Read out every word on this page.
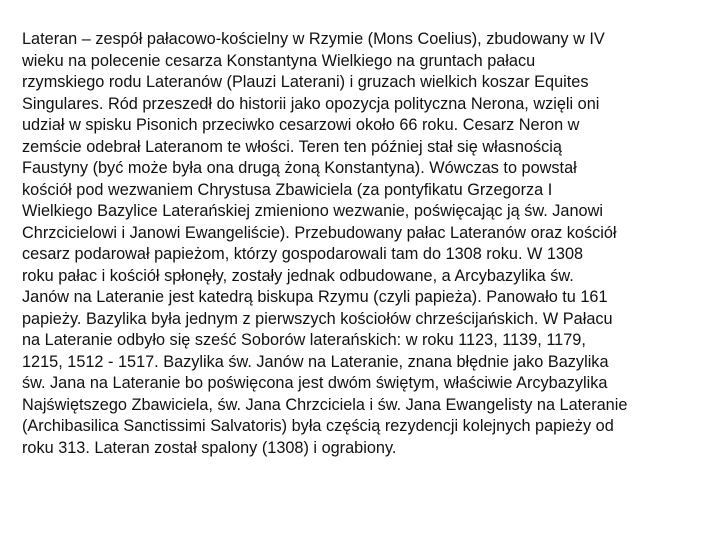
Lateran – zespół pałacowo-kościelny w Rzymie (Mons Coelius), zbudowany w IV
wieku na polecenie cesarza Konstantyna Wielkiego na gruntach pałacu
rzymskiego rodu Lateranów (Plauzi Laterani) i gruzach wielkich koszar Equites
Singulares. Ród przeszedł do historii jako opozycja polityczna Nerona, wzięli oni
udział w spisku Pisonich przeciwko cesarzowi około 66 roku. Cesarz Neron w
zemście odebrał Lateranom te włości. Teren ten później stał się własnością
Faustyny (być może była ona drugą żoną Konstantyna). Wówczas to powstał
kościół pod wezwaniem Chrystusa Zbawiciela (za pontyfikatu Grzegorza I
Wielkiego Bazylice Laterańskiej zmieniono wezwanie, poświęcając ją św. Janowi
Chrzcicielowi i Janowi Ewangeliście). Przebudowany pałac Lateranów oraz kościół
cesarz podarował papieżom, którzy gospodarowali tam do 1308 roku. W 1308
roku pałac i kościół spłonęły, zostały jednak odbudowane, a Arcybazylika św.
Janów na Lateranie jest katedrą biskupa Rzymu (czyli papieża). Panowało tu 161
papieży. Bazylika była jednym z pierwszych kościołów chrześcijańskich. W Pałacu
na Lateranie odbyło się sześć Soborów laterańskich: w roku 1123, 1139, 1179,
1215, 1512 - 1517. Bazylika św. Janów na Lateranie, znana błędnie jako Bazylika
św. Jana na Lateranie bo poświęcona jest dwóm świętym, właściwie Arcybazylika
Najświętszego Zbawiciela, św. Jana Chrzciciela i św. Jana Ewangelisty na Lateranie
(Archibasilica Sanctissimi Salvatoris) była częścią rezydencji kolejnych papieży od
roku 313. Lateran został spalony (1308) i ograbiony.
